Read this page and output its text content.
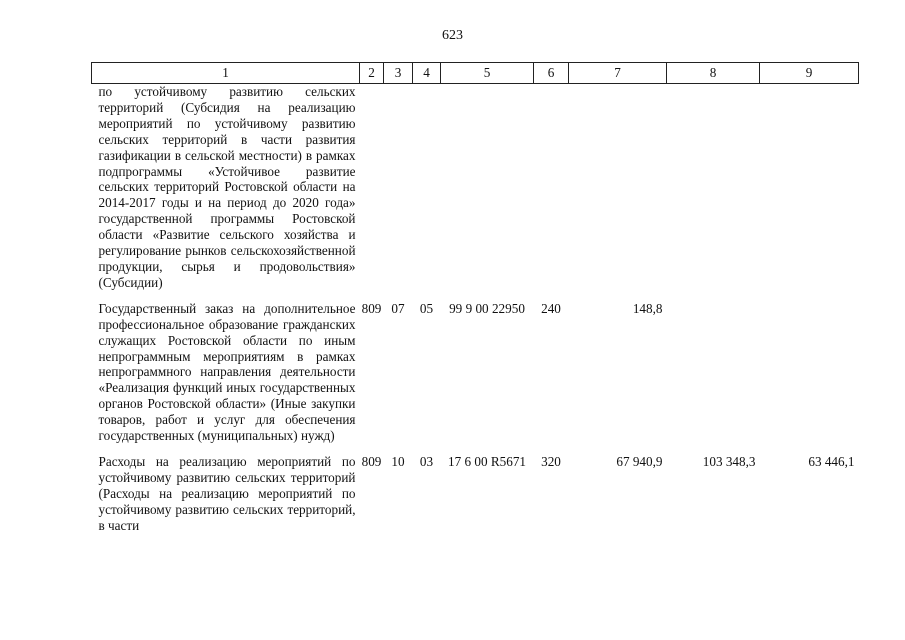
623
1	2	3	4	5	6	7	8	9
по устойчивому развитию сельских территорий (Субсидия на реализацию мероприятий по устойчивому развитию сельских территорий в части развития газификации в сельской местности) в рамках подпрограммы «Устойчивое развитие сельских территорий Ростовской области на 2014-2017 годы и на период до 2020 года» государственной программы Ростовской области «Развитие сельского хозяйства и регулирование рынков сельскохозяйственной продукции, сырья и продовольствия» (Субсидии)								
Государственный заказ на дополнительное профессиональное образование гражданских служащих Ростовской области по иным непрограммным мероприятиям в рамках непрограммного направления деятельности «Реализация функций иных государственных органов Ростовской области» (Иные закупки товаров, работ и услуг для обеспечения государственных (муниципальных) нужд)	809	07	05	99 9 00 22950	240	148,8		
Расходы на реализацию мероприятий по устойчивому развитию сельских территорий (Расходы на реализацию мероприятий по устойчивому развитию сельских территорий, в части	809	10	03	17 6 00 R5671	320	67 940,9	103 348,3	63 446,1
